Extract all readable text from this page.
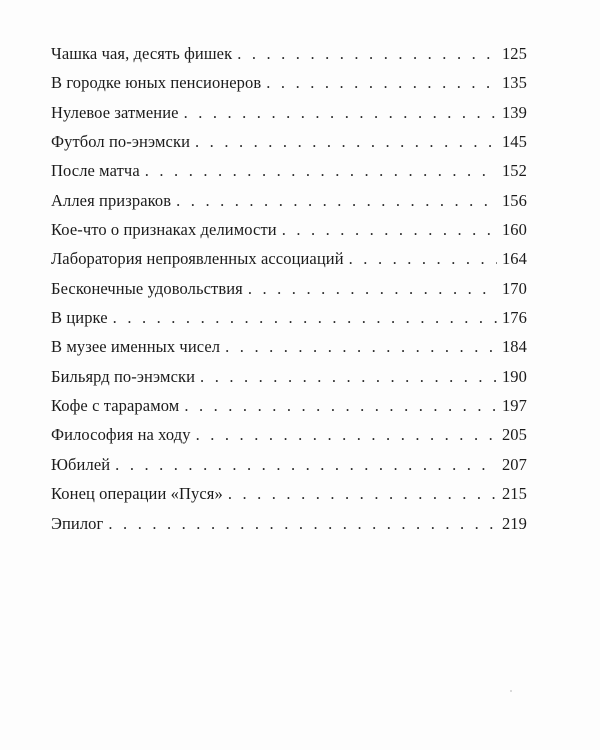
Чашка чая, десять фишек . . .	125
В городке юных пенсионеров . . .	135
Нулевое затмение . . .	139
Футбол по-энэмски . . .	145
После матча . . .	152
Аллея призраков . . .	156
Кое-что о признаках делимости . . .	160
Лаборатория непроявленных ассоциаций . . .	164
Бесконечные удовольствия . . .	170
В цирке . . .	176
В музее именных чисел . . .	184
Бильярд по-энэмски . . .	190
Кофе с тарарамом . . .	197
Философия на ходу . . .	205
Юбилей . . .	207
Конец операции «Пуся» . . .	215
Эпилог . . .	219
